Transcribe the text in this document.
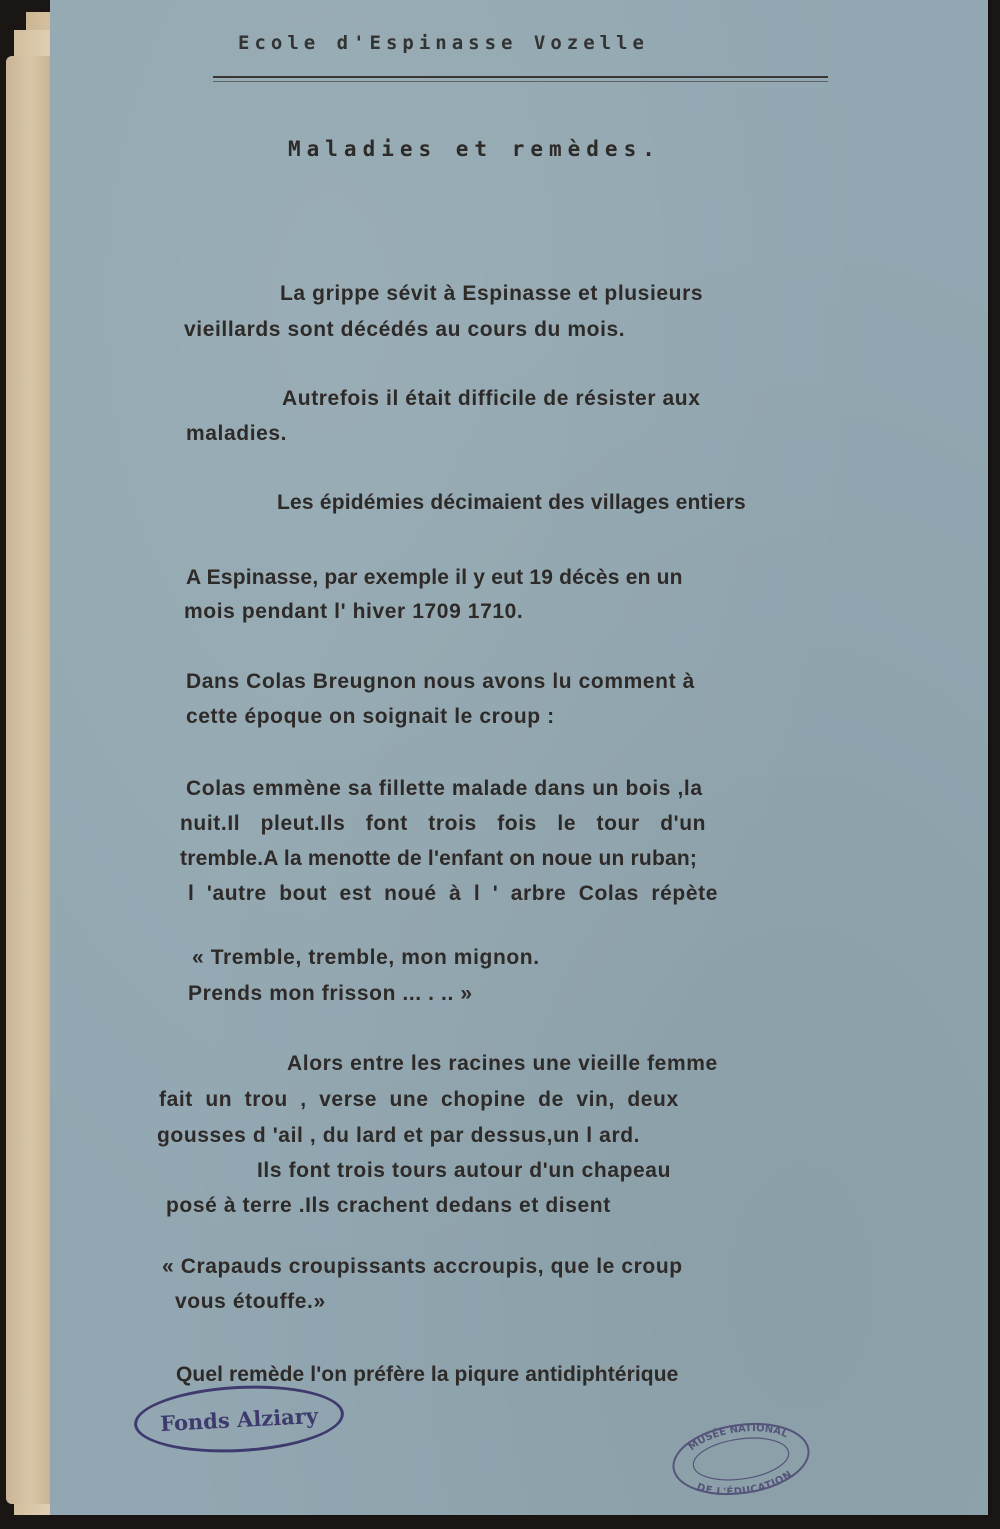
Ecole d'Espinasse Vozelle
Maladies et remèdes.
La grippe sévit à Espinasse et plusieurs
vieillards sont décédés au cours du mois.
Autrefois il était difficile de résister aux
maladies.
Les épidémies décimaient des villages entiers
A Espinasse, par exemple il y eut 19 décès en un
mois pendant l' hiver 1709 1710.
Dans Colas Breugnon nous avons lu comment à
cette époque on soignait le croup :
Colas emmène sa fillette malade dans un bois ,la
nuit.Il pleut.Ils font trois fois le tour d'un
tremble.A la menotte de l'enfant on noue un ruban;
l 'autre bout est noué à l ' arbre Colas répète
« Tremble, tremble, mon mignon.
Prends mon frisson ... . .. »
Alors entre les racines une vieille femme
fait un trou , verse une chopine de vin, deux
gousses d 'ail , du lard et par dessus,un l ard.
Ils font trois tours autour d'un chapeau
posé à terre .Ils crachent dedans et disent
« Crapauds croupissants accroupis, que le croup
vous étouffe.»
Quel remède l'on préfère la piqure antidiphtérique
Fonds Alziary
MUSÉE NATIONAL
DE L'ÉDUCATION
